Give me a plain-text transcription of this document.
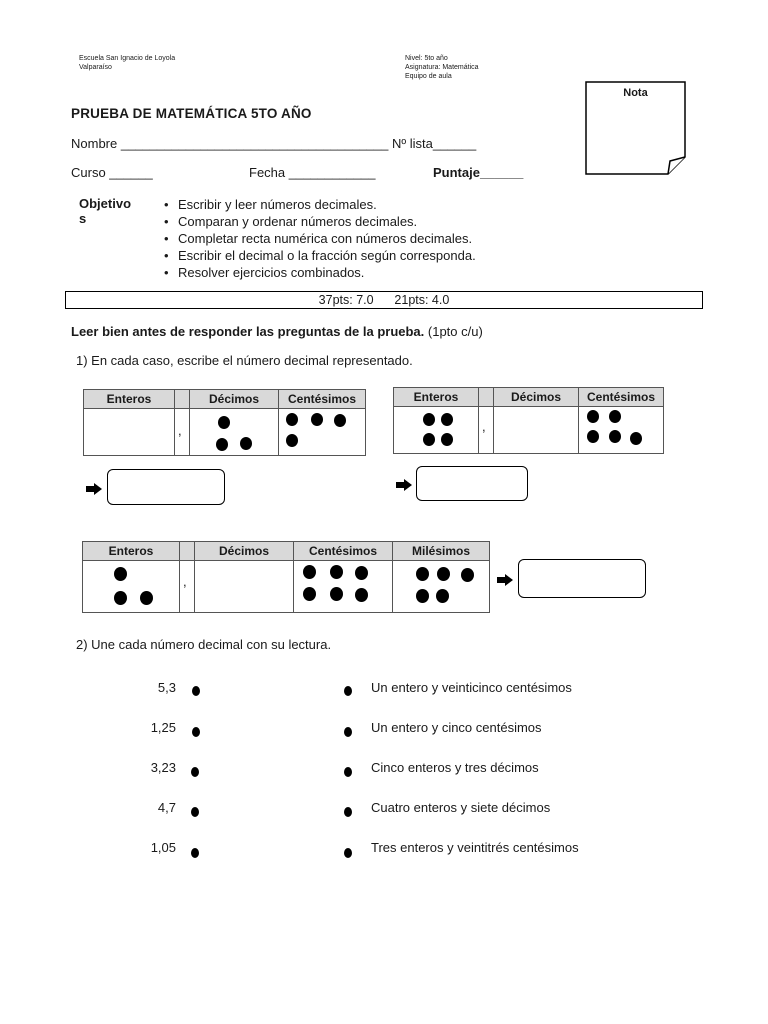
Escuela San Ignacio de Loyola
Valparaíso
Nivel: 5to año
Asignatura: Matemática
Equipo de aula
Nota
PRUEBA DE MATEMÁTICA 5TO AÑO
Nombre _____________________________________ Nº lista______
Curso ______	Fecha ____________	Puntaje______
Objetivo s
• Escribir y leer números decimales.
• Comparan y ordenar números decimales.
• Completar recta numérica con números decimales.
• Escribir el decimal o la fracción según corresponda.
• Resolver ejercicios combinados.
37pts: 7.0      21pts: 4.0
Leer bien antes de responder las preguntas de la prueba. (1pto c/u)
1) En cada caso, escribe el número decimal representado.
Enteros		Décimos	Centésimos

	,		

Enteros		Décimos	Centésimos

	,		

Enteros		Décimos	Centésimos	Milésimos

	,			

2) Une cada número decimal con su lectura.
5,3
1,25
3,23
4,7
1,05
Un entero y veinticinco centésimos
Un entero y cinco centésimos
Cinco enteros y tres décimos
Cuatro enteros y siete décimos
Tres enteros y veintitrés centésimos
